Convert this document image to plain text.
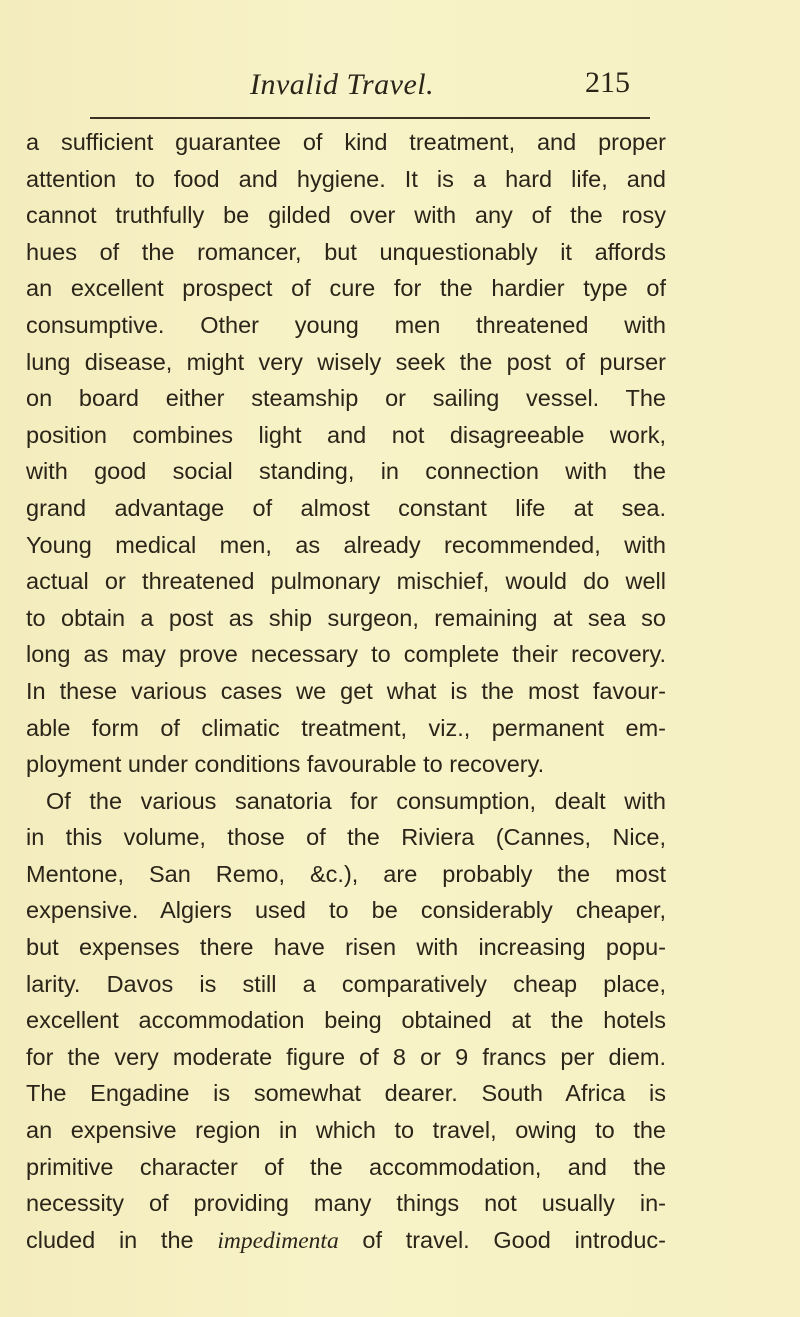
Invalid Travel.	215
a sufficient guarantee of kind treatment, and proper
attention to food and hygiene. It is a hard life, and
cannot truthfully be gilded over with any of the rosy
hues of the romancer, but unquestionably it affords
an excellent prospect of cure for the hardier type of
consumptive. Other young men threatened with
lung disease, might very wisely seek the post of purser
on board either steamship or sailing vessel. The
position combines light and not disagreeable work,
with good social standing, in connection with the
grand advantage of almost constant life at sea.
Young medical men, as already recommended, with
actual or threatened pulmonary mischief, would do well
to obtain a post as ship surgeon, remaining at sea so
long as may prove necessary to complete their recovery.
In these various cases we get what is the most favour-
able form of climatic treatment, viz., permanent em-
ployment under conditions favourable to recovery.
Of the various sanatoria for consumption, dealt with
in this volume, those of the Riviera (Cannes, Nice,
Mentone, San Remo, &c.), are probably the most
expensive. Algiers used to be considerably cheaper,
but expenses there have risen with increasing popu-
larity. Davos is still a comparatively cheap place,
excellent accommodation being obtained at the hotels
for the very moderate figure of 8 or 9 francs per diem.
The Engadine is somewhat dearer. South Africa is
an expensive region in which to travel, owing to the
primitive character of the accommodation, and the
necessity of providing many things not usually in-
cluded in the impedimenta of travel. Good introduc-
